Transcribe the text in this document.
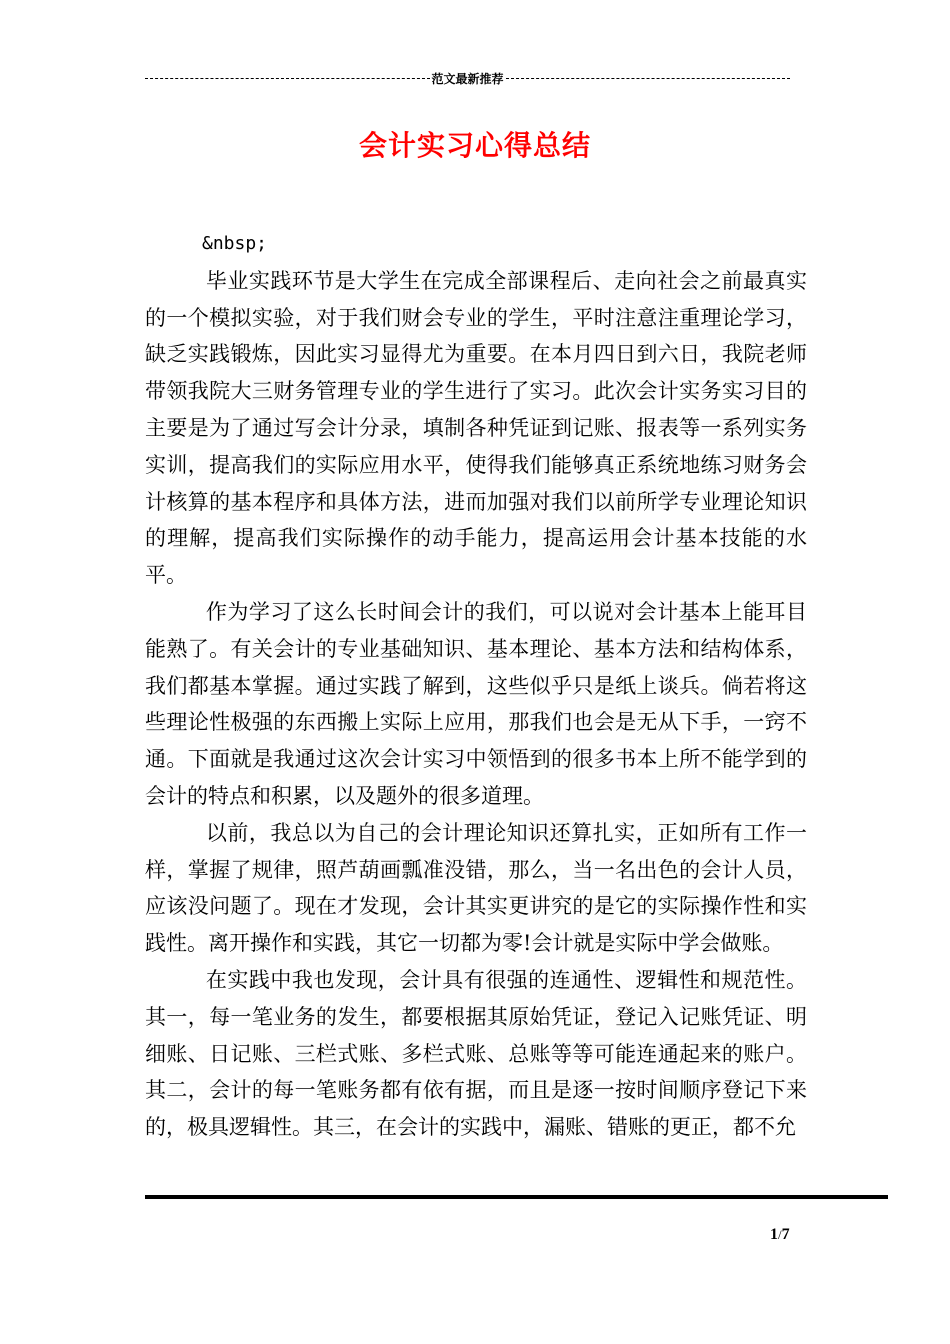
范文最新推荐
会计实习心得总结

&nbsp;

毕业实践环节是大学生在完成全部课程后、走向社会之前最真实的一个模拟实验，对于我们财会专业的学生，平时注意注重理论学习，缺乏实践锻炼，因此实习显得尤为重要。在本月四日到六日，我院老师带领我院大三财务管理专业的学生进行了实习。此次会计实务实习目的主要是为了通过写会计分录，填制各种凭证到记账、报表等一系列实务实训，提高我们的实际应用水平，使得我们能够真正系统地练习财务会计核算的基本程序和具体方法，进而加强对我们以前所学专业理论知识的理解，提高我们实际操作的动手能力，提高运用会计基本技能的水平。

作为学习了这么长时间会计的我们，可以说对会计基本上能耳目能熟了。有关会计的专业基础知识、基本理论、基本方法和结构体系，我们都基本掌握。通过实践了解到，这些似乎只是纸上谈兵。倘若将这些理论性极强的东西搬上实际上应用，那我们也会是无从下手，一窍不通。下面就是我通过这次会计实习中领悟到的很多书本上所不能学到的会计的特点和积累，以及题外的很多道理。

以前，我总以为自己的会计理论知识还算扎实，正如所有工作一样，掌握了规律，照芦葫画瓢准没错，那么，当一名出色的会计人员，应该没问题了。现在才发现，会计其实更讲究的是它的实际操作性和实践性。离开操作和实践，其它一切都为零!会计就是实际中学会做账。

在实践中我也发现，会计具有很强的连通性、逻辑性和规范性。其一，每一笔业务的发生，都要根据其原始凭证，登记入记账凭证、明细账、日记账、三栏式账、多栏式账、总账等等可能连通起来的账户。其二，会计的每一笔账务都有依有据，而且是逐一按时间顺序登记下来的，极具逻辑性。其三，在会计的实践中，漏账、错账的更正，都不允

1/7
